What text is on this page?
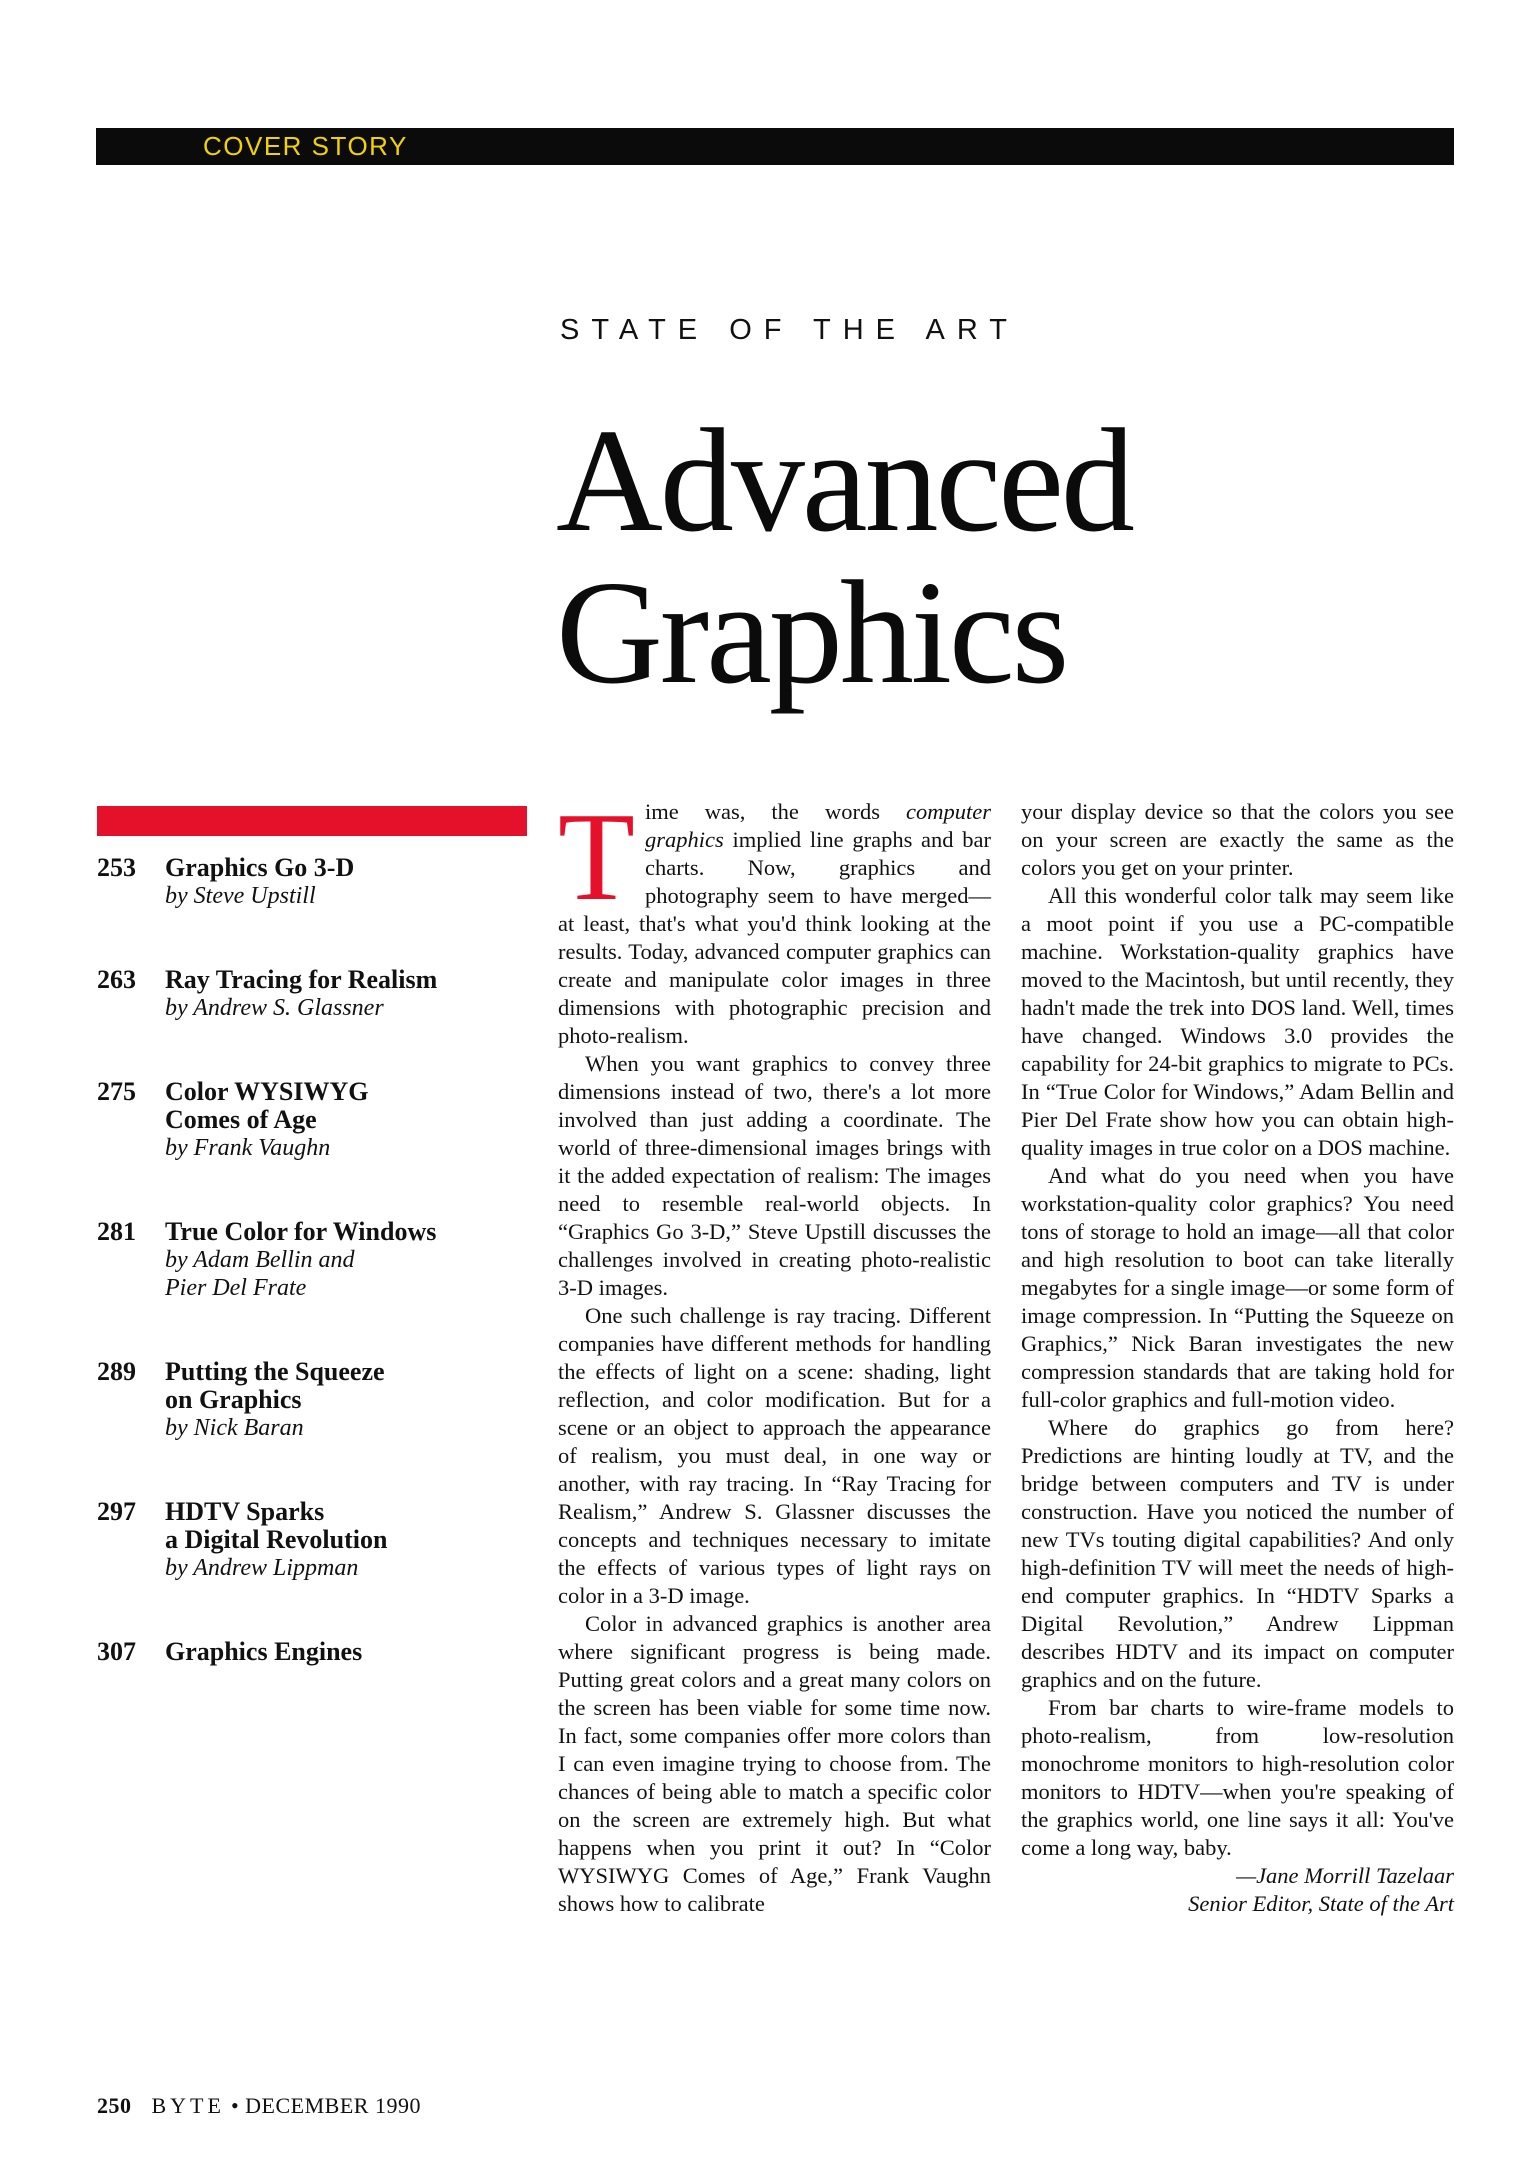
COVER STORY
STATE OF THE ART
Advanced
Graphics
253	Graphics Go 3-D
by Steve Upstill
263	Ray Tracing for Realism
by Andrew S. Glassner
275	Color WYSIWYG
Comes of Age
by Frank Vaughn
281	True Color for Windows
by Adam Bellin and
Pier Del Frate
289	Putting the Squeeze
on Graphics
by Nick Baran
297	HDTV Sparks
a Digital Revolution
by Andrew Lippman
307	Graphics Engines

Time was, the words computer graphics implied line graphs and bar charts. Now, graphics and photography seem to have merged—at least, that's what you'd think looking at the results. Today, advanced computer graphics can create and manipulate color images in three dimensions with photographic precision and photo-realism.

When you want graphics to convey three dimensions instead of two, there's a lot more involved than just adding a coordinate. The world of three-dimensional images brings with it the added expectation of realism: The images need to resemble real-world objects. In “Graphics Go 3-D,” Steve Upstill discusses the challenges involved in creating photo-realistic 3-D images.

One such challenge is ray tracing. Different companies have different methods for handling the effects of light on a scene: shading, light reflection, and color modification. But for a scene or an object to approach the appearance of realism, you must deal, in one way or another, with ray tracing. In “Ray Tracing for Realism,” Andrew S. Glassner discusses the concepts and techniques necessary to imitate the effects of various types of light rays on color in a 3-D image.

Color in advanced graphics is another area where significant progress is being made. Putting great colors and a great many colors on the screen has been viable for some time now. In fact, some companies offer more colors than I can even imagine trying to choose from. The chances of being able to match a specific color on the screen are extremely high. But what happens when you print it out? In “Color WYSIWYG Comes of Age,” Frank Vaughn shows how to calibrate

your display device so that the colors you see on your screen are exactly the same as the colors you get on your printer.

All this wonderful color talk may seem like a moot point if you use a PC-compatible machine. Workstation-quality graphics have moved to the Macintosh, but until recently, they hadn't made the trek into DOS land. Well, times have changed. Windows 3.0 provides the capability for 24-bit graphics to migrate to PCs. In “True Color for Windows,” Adam Bellin and Pier Del Frate show how you can obtain high-quality images in true color on a DOS machine.

And what do you need when you have workstation-quality color graphics? You need tons of storage to hold an image—all that color and high resolution to boot can take literally megabytes for a single image—or some form of image compression. In “Putting the Squeeze on Graphics,” Nick Baran investigates the new compression standards that are taking hold for full-color graphics and full-motion video.

Where do graphics go from here? Predictions are hinting loudly at TV, and the bridge between computers and TV is under construction. Have you noticed the number of new TVs touting digital capabilities? And only high-definition TV will meet the needs of high-end computer graphics. In “HDTV Sparks a Digital Revolution,” Andrew Lippman describes HDTV and its impact on computer graphics and on the future.

From bar charts to wire-frame models to photo-realism, from low-resolution monochrome monitors to high-resolution color monitors to HDTV—when you're speaking of the graphics world, one line says it all: You've come a long way, baby.

—Jane Morrill Tazelaar

Senior Editor, State of the Art

250 BYTE • DECEMBER 1990
